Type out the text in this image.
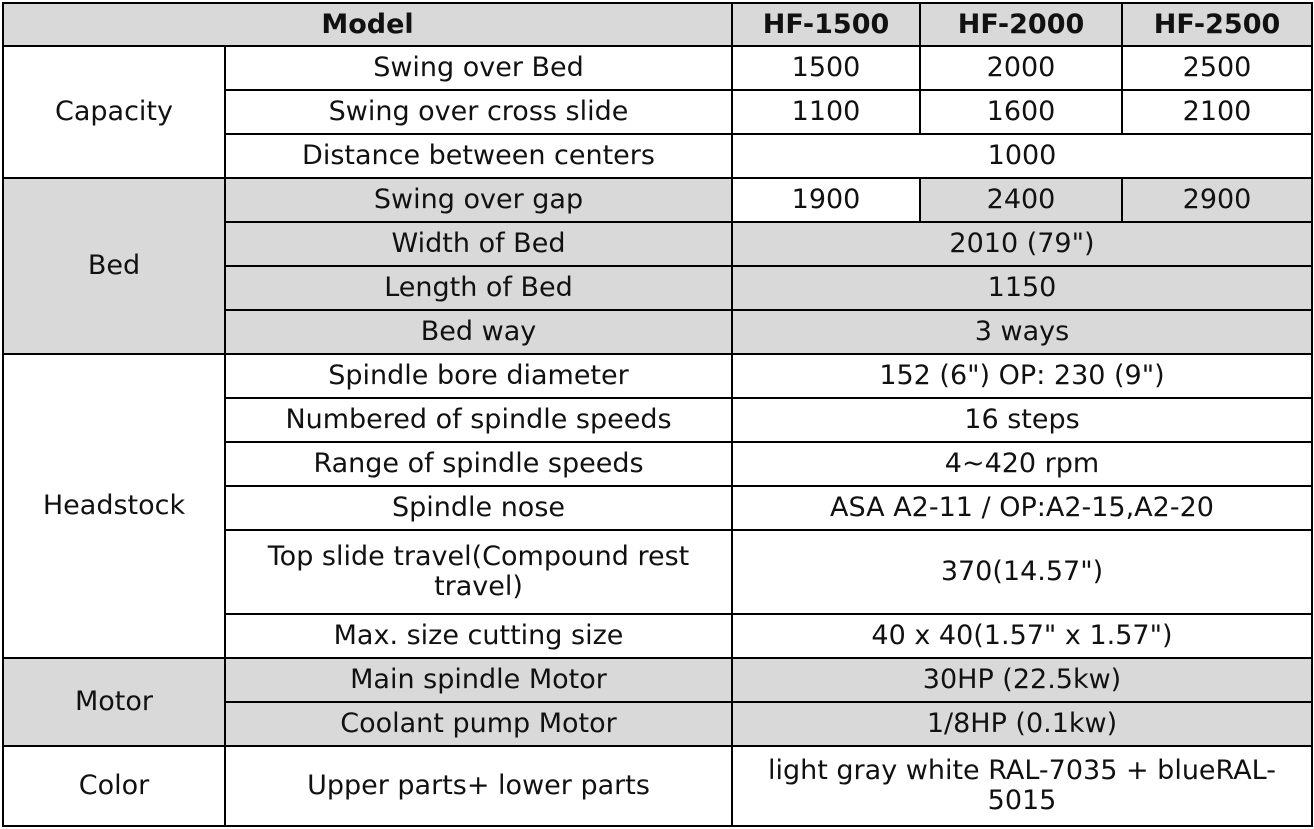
Model		HF-1500	HF-2000	HF-2500
Capacity	Swing over Bed	1500	2000	2500
	Swing over cross slide	1100	1600	2100
	Distance between centers	1000		
Bed	Swing over gap	1900	2400	2900
	Width of Bed	2010 (79")		
	Length of Bed	1150		
	Bed way	3 ways		
Headstock	Spindle bore diameter	152 (6") OP: 230 (9")		
	Numbered of spindle speeds	16 steps		
	Range of spindle speeds	4~420 rpm		
	Spindle nose	ASA A2-11 / OP:A2-15,A2-20		
	Top slide travel(Compound rest travel)	370(14.57")		
	Max. size cutting size	40 x 40(1.57" x 1.57")		
Motor	Main spindle Motor	30HP (22.5kw)		
	Coolant pump Motor	1/8HP (0.1kw)		
Color	Upper parts+ lower parts	light gray white RAL-7035 + blueRAL-5015		
